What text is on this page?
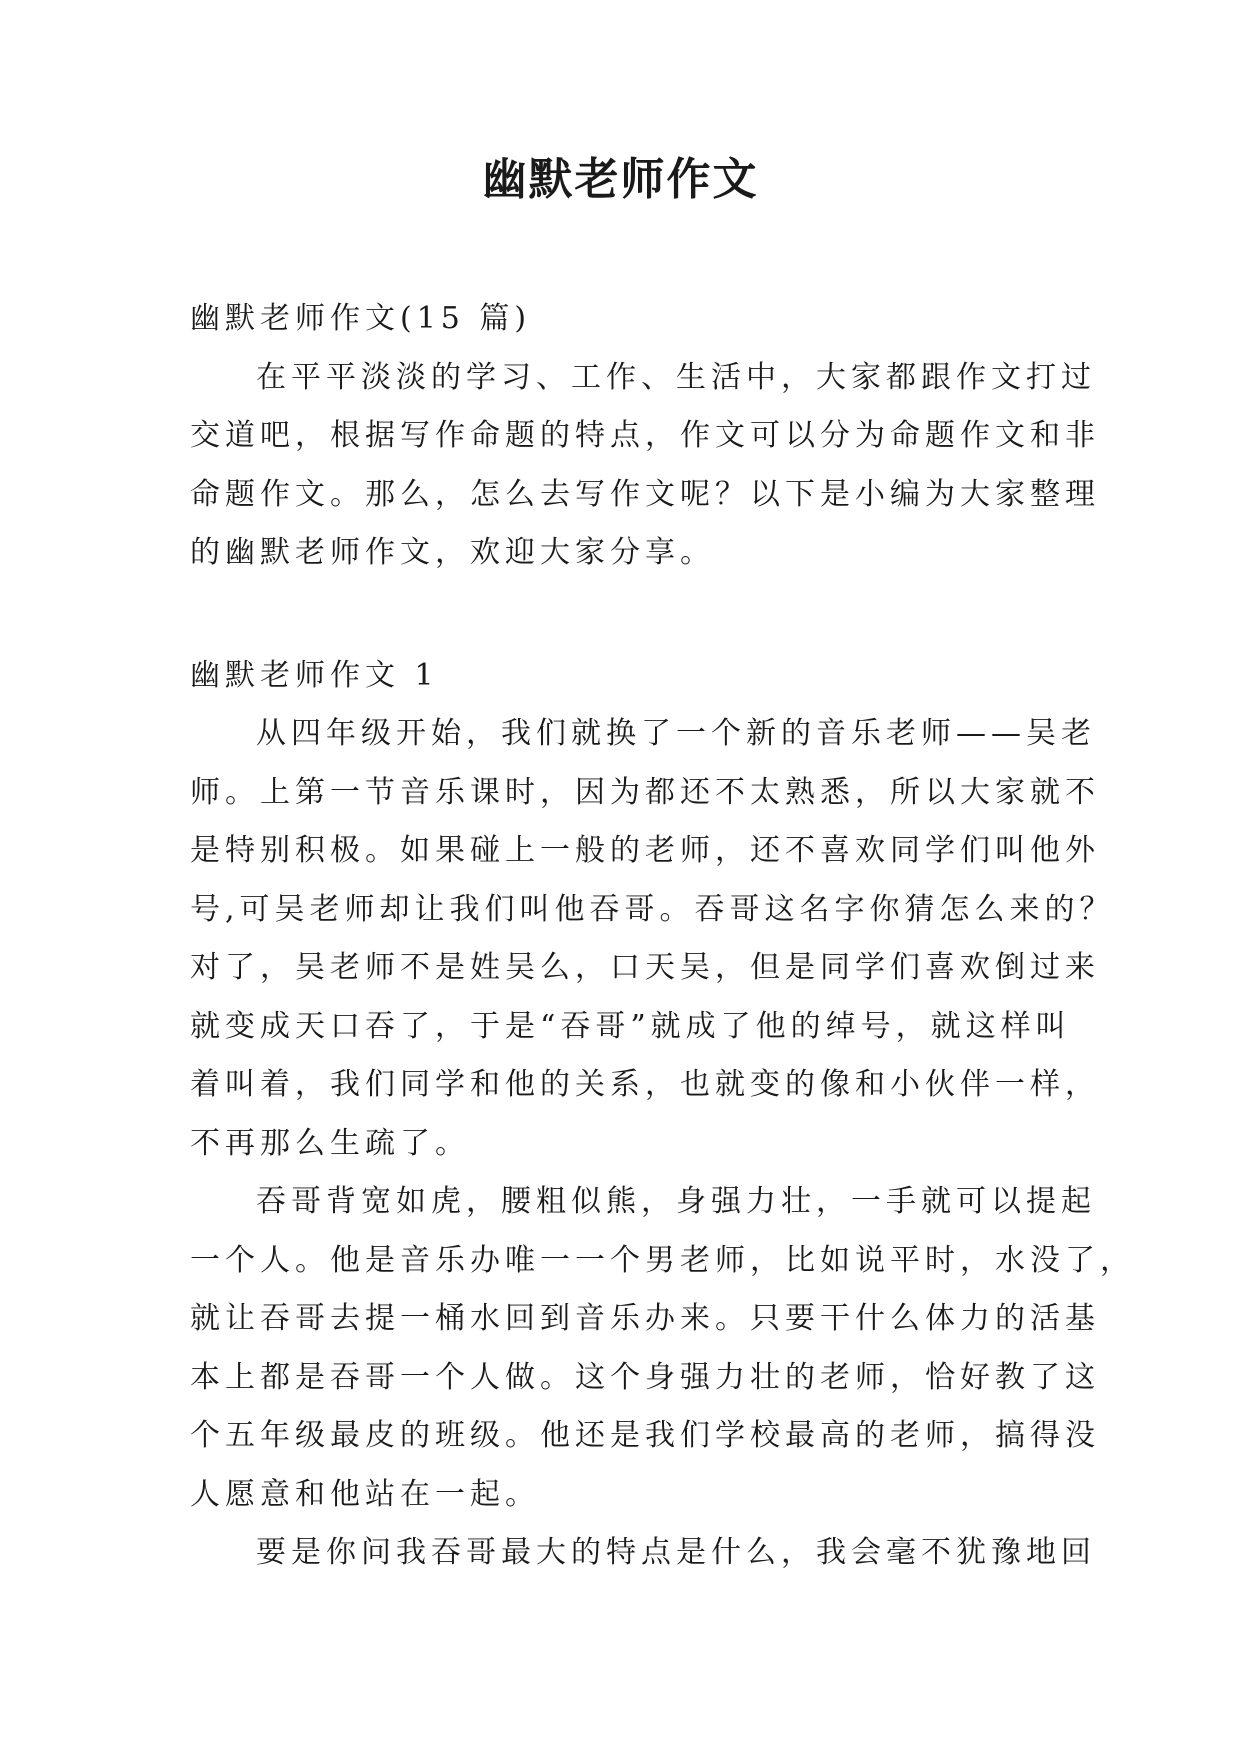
幽默老师作文
幽默老师作文(15 篇)
在平平淡淡的学习、工作、生活中，大家都跟作文打过
交道吧，根据写作命题的特点，作文可以分为命题作文和非
命题作文。那么，怎么去写作文呢？以下是小编为大家整理
的幽默老师作文，欢迎大家分享。
幽默老师作文 1
从四年级开始，我们就换了一个新的音乐老师——吴老
师。上第一节音乐课时，因为都还不太熟悉，所以大家就不
是特别积极。如果碰上一般的老师，还不喜欢同学们叫他外
号,可吴老师却让我们叫他吞哥。吞哥这名字你猜怎么来的？
对了，吴老师不是姓吴么，口天吴，但是同学们喜欢倒过来
就变成天口吞了，于是“吞哥”就成了他的绰号，就这样叫
着叫着，我们同学和他的关系，也就变的像和小伙伴一样，
不再那么生疏了。
吞哥背宽如虎，腰粗似熊，身强力壮，一手就可以提起
一个人。他是音乐办唯一一个男老师，比如说平时，水没了，
就让吞哥去提一桶水回到音乐办来。只要干什么体力的活基
本上都是吞哥一个人做。这个身强力壮的老师，恰好教了这
个五年级最皮的班级。他还是我们学校最高的老师，搞得没
人愿意和他站在一起。
要是你问我吞哥最大的特点是什么，我会毫不犹豫地回
